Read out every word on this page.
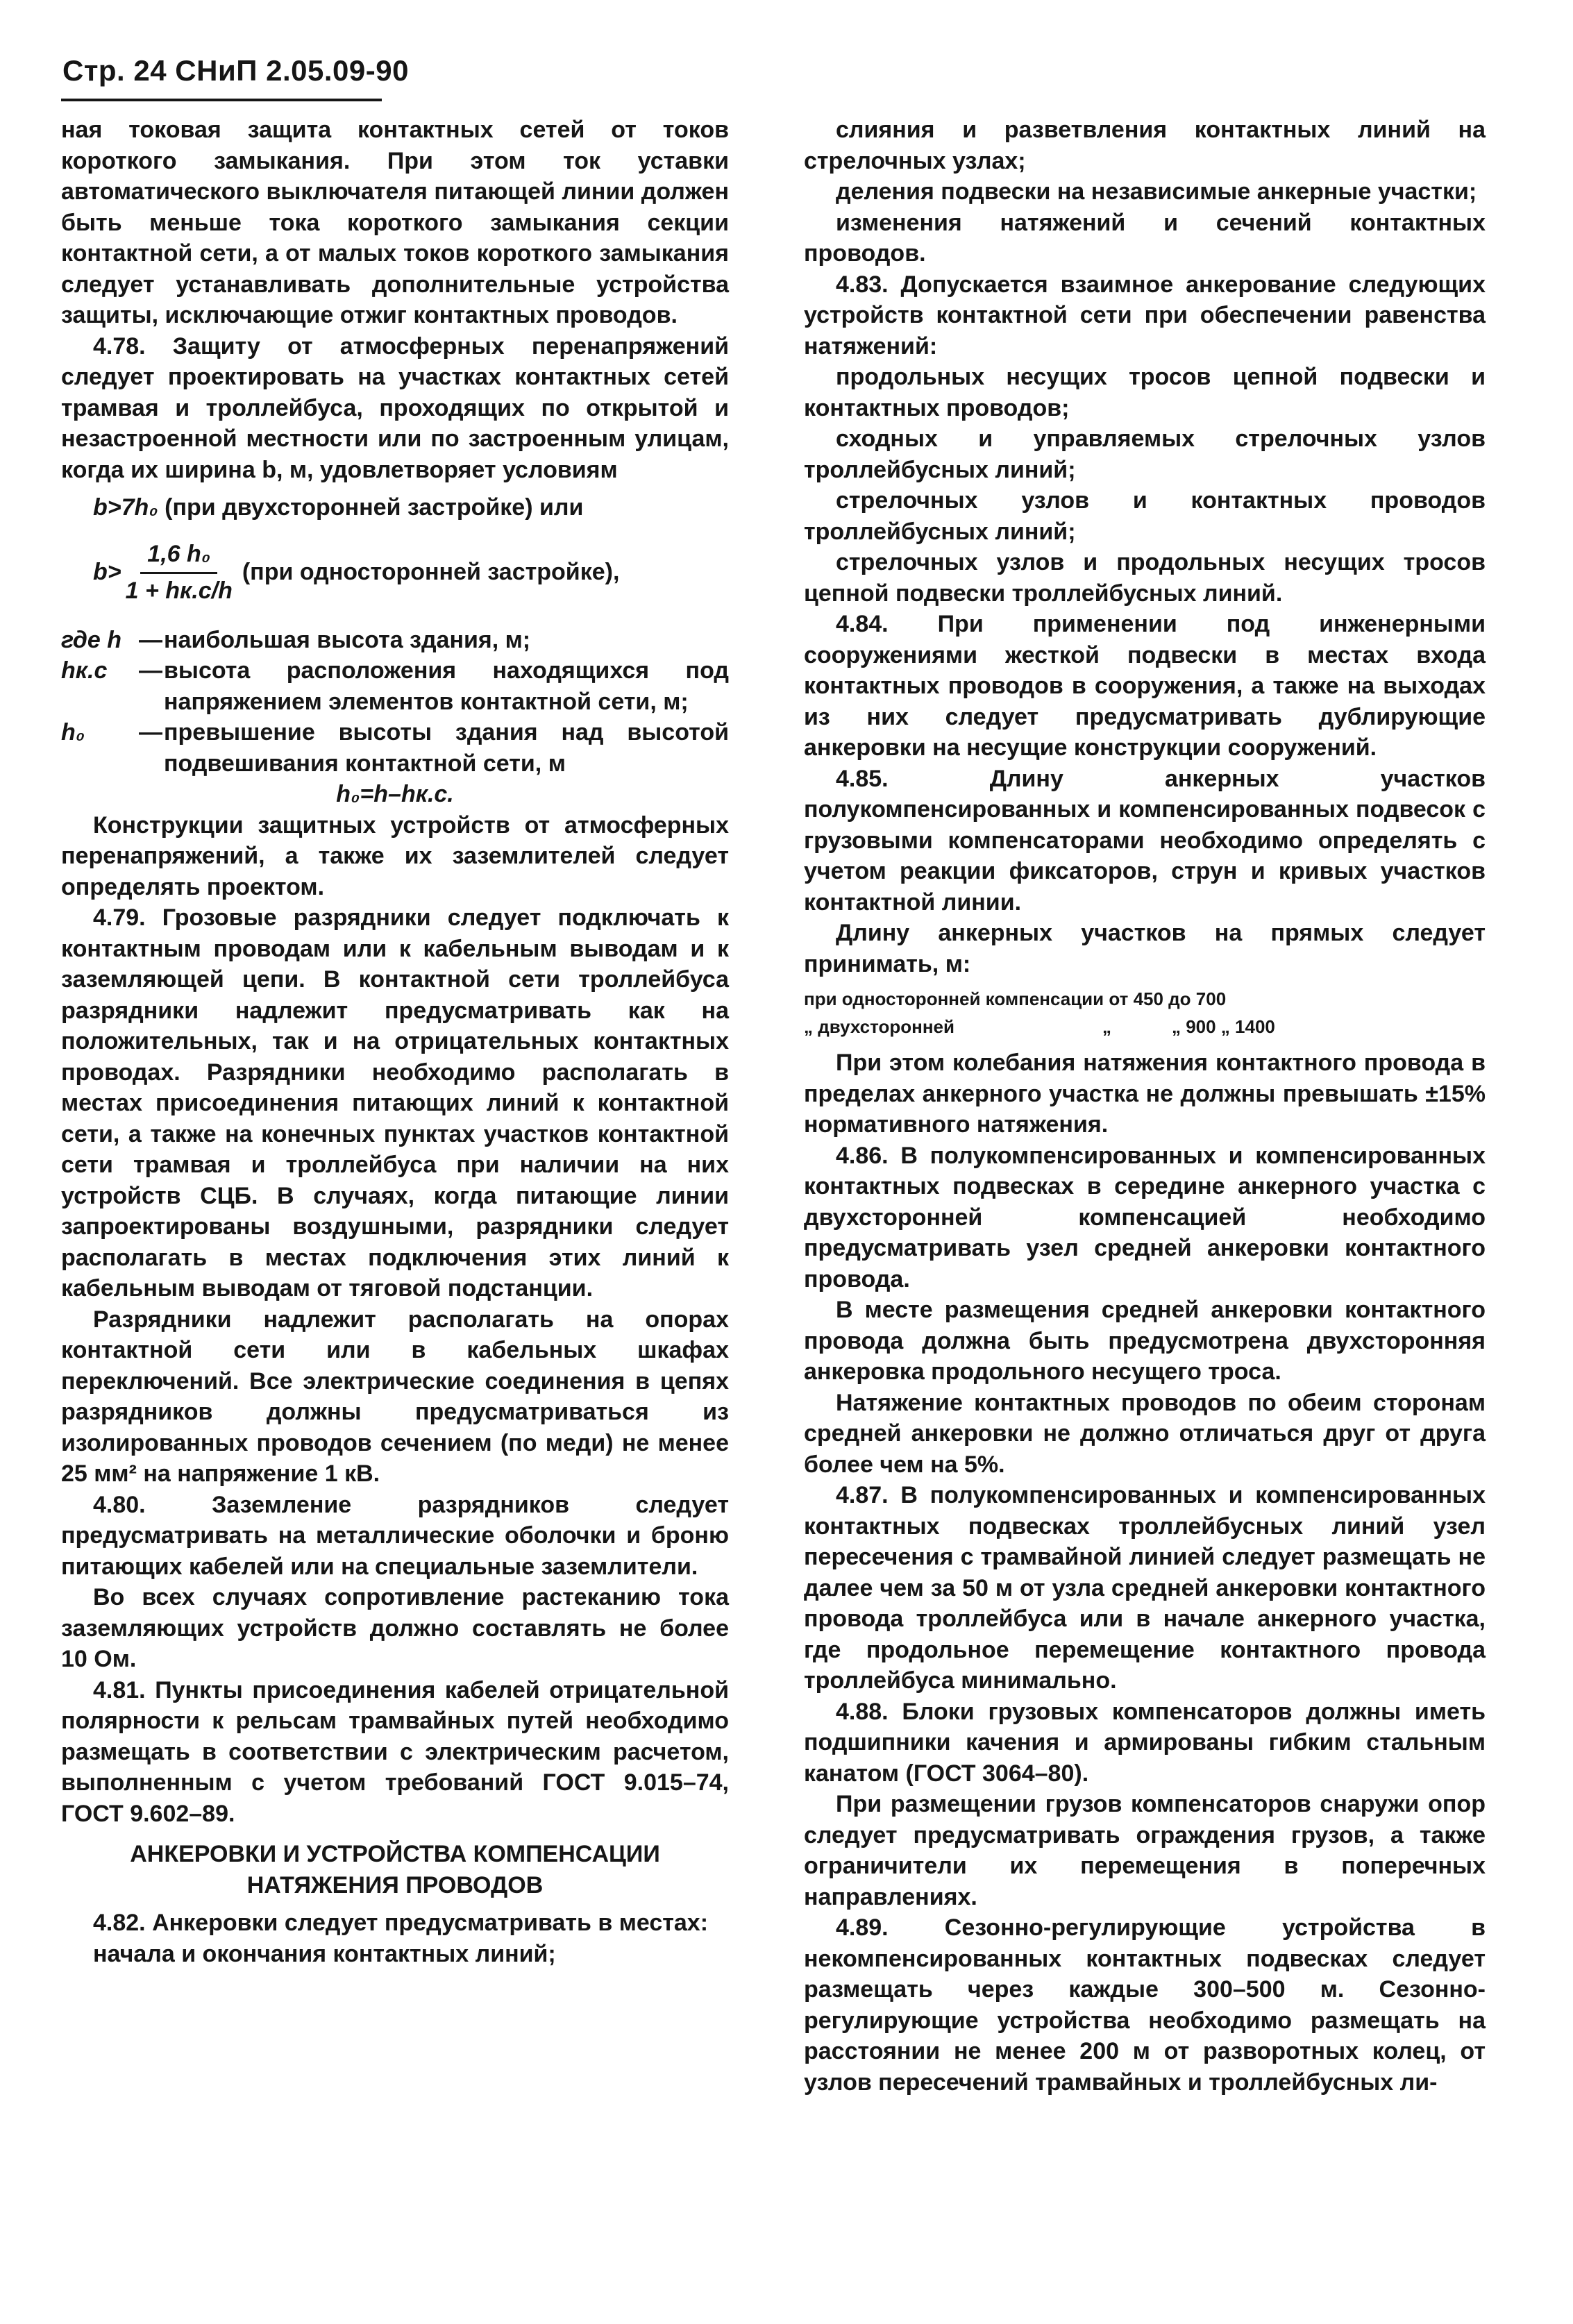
Стр. 24 СНиП 2.05.09-90

ная токовая защита контактных сетей от токов короткого замыкания. При этом ток уставки автоматического выключателя питающей линии должен быть меньше тока короткого замыкания секции контактной сети, а от малых токов короткого замыкания следует устанавливать дополнительные устройства защиты, исключающие отжиг контактных проводов.

4.78. Защиту от атмосферных перенапряжений следует проектировать на участках контактных сетей трамвая и троллейбуса, проходящих по открытой и незастроенной местности или по застроенным улицам, когда их ширина b, м, удовлетворяет условиям

b>7h₀ (при двухсторонней застройке) или

$b> \frac{\text{1,6 h₀}}{1 + hк.с/h} (при$ односторонней застройке),
где h — наибольшая высота здания, м;
hк.с	— высота расположения находящихся под напряжением элементов контактной сети, м;
h₀	— превышение высоты здания над высотой подвешивания контактной сети, м

h₀=h–hк.с.

Конструкции защитных устройств от атмосферных перенапряжений, а также их заземлителей следует определять проектом.

4.79. Грозовые разрядники следует подключать к контактным проводам или к кабельным выводам и к заземляющей цепи. В контактной сети троллейбуса разрядники надлежит предусматривать как на положительных, так и на отрицательных контактных проводах. Разрядники необходимо располагать в местах присоединения питающих линий к контактной сети, а также на конечных пунктах участков контактной сети трамвая и троллейбуса при наличии на них устройств СЦБ. В случаях, когда питающие линии запроектированы воздушными, разрядники следует располагать в местах подключения этих линий к кабельным выводам от тяговой подстанции.

Разрядники надлежит располагать на опорах контактной сети или в кабельных шкафах переключений. Все электрические соединения в цепях разрядников должны предусматриваться из изолированных проводов сечением (по меди) не менее 25 мм² на напряжение 1 кВ.

4.80.	Заземление разрядников следует предусматривать на металлические оболочки и броню питающих кабелей или на специальные заземлители.

Во всех случаях сопротивление растеканию тока заземляющих устройств должно составлять не более 10 Ом.

4.81. Пункты присоединения кабелей отрицательной полярности к рельсам трамвайных путей необходимо размещать в соответствии с электрическим расчетом, выполненным с учетом требований ГОСТ 9.015–74, ГОСТ 9.602–89.

АНКЕРОВКИ И УСТРОЙСТВА КОМПЕНСАЦИИ НАТЯЖЕНИЯ ПРОВОДОВ

4.82. Анкеровки следует предусматривать в местах:

начала и окончания контактных линий;

слияния и разветвления контактных линий на стрелочных узлах;

деления подвески на независимые анкерные участки;

изменения натяжений и сечений контактных проводов.

4.83. Допускается взаимное анкерование следующих устройств контактной сети при обеспечении равенства натяжений:

продольных несущих тросов цепной подвески и контактных проводов;

сходных и управляемых стрелочных узлов троллейбусных линий;

стрелочных узлов и контактных проводов троллейбусных линий;

стрелочных узлов и продольных несущих тросов цепной подвески троллейбусных линий.

4.84. При применении под инженерными сооружениями жесткой подвески в местах входа контактных проводов в сооружения, а также на выходах из них следует предусматривать дублирующие анкеровки на несущие конструкции сооружений.

4.85.	Длину анкерных участков полукомпенсированных и компенсированных подвесок с грузовыми компенсаторами необходимо определять с учетом реакции фиксаторов, струн и кривых участков контактной линии.

Длину анкерных участков на прямых следует принимать, м:

при односторонней компенсации от 450 до 700
„ двухсторонней	„	„ 900 „ 1400

При этом колебания натяжения контактного провода в пределах анкерного участка не должны превышать ±15% нормативного натяжения.

4.86. В полукомпенсированных и компенсированных контактных подвесках в середине анкерного участка с двухсторонней компенсацией необходимо предусматривать узел средней анкеровки контактного провода.

В месте размещения средней анкеровки контактного провода должна быть предусмотрена двухсторонняя анкеровка продольного несущего троса.

Натяжение контактных проводов по обеим сторонам средней анкеровки не должно отличаться друг от друга более чем на 5%.

4.87. В полукомпенсированных и компенсированных контактных подвесках троллейбусных линий узел пересечения с трамвайной линией следует размещать не далее чем за 50 м от узла средней анкеровки контактного провода троллейбуса или в начале анкерного участка, где продольное перемещение контактного провода троллейбуса минимально.

4.88. Блоки грузовых компенсаторов должны иметь подшипники качения и армированы гибким стальным канатом (ГОСТ 3064–80).

При размещении грузов компенсаторов снаружи опор следует предусматривать ограждения грузов, а также ограничители их перемещения в поперечных направлениях.

4.89. Сезонно-регулирующие устройства в некомпенсированных контактных подвесках следует размещать через каждые 300–500 м. Сезонно-регулирующие устройства необходимо размещать на расстоянии не менее 200 м от разворотных колец, от узлов пересечений трамвайных и троллейбусных ли-
